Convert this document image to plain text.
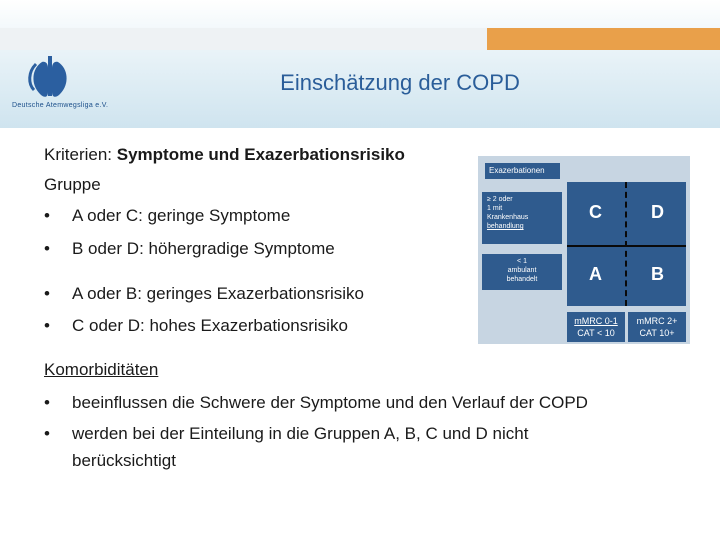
Deutsche Atemwegsliga e.V.
Einschätzung der COPD
Kriterien: Symptome und Exazerbationsrisiko
Gruppe
• A oder C: geringe Symptome
• B oder D: höhergradige Symptome
• A oder B: geringes Exazerbationsrisiko
• C oder D: hohes Exazerbationsrisiko
Komorbiditäten
• beeinflussen die Schwere der Symptome und den Verlauf der COPD
• werden bei der Einteilung in die Gruppen A, B, C und D nicht
berücksichtigt
Exazerbationen
≥ 2 oder
1 mit
Krankenhaus
behandlung
< 1
ambulant
behandelt
C	D
A	B
mMRC 0-1
CAT < 10
mMRC 2+
CAT 10+
